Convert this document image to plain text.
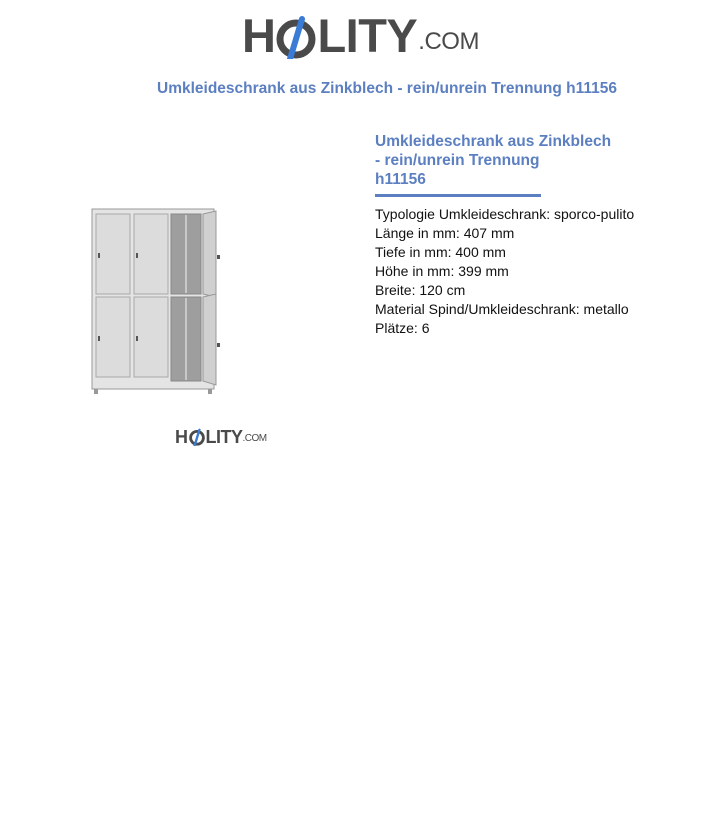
H LITY .COM
Umkleideschrank aus Zinkblech - rein/unrein Trennung h11156
Umkleideschrank aus Zinkblech
- rein/unrein Trennung
h11156
Typologie Umkleideschrank: sporco-pulito
Länge in mm: 407 mm
Tiefe in mm: 400 mm
Höhe in mm: 399 mm
Breite: 120 cm
Material Spind/Umkleideschrank: metallo
Plätze: 6
H LITY .COM
